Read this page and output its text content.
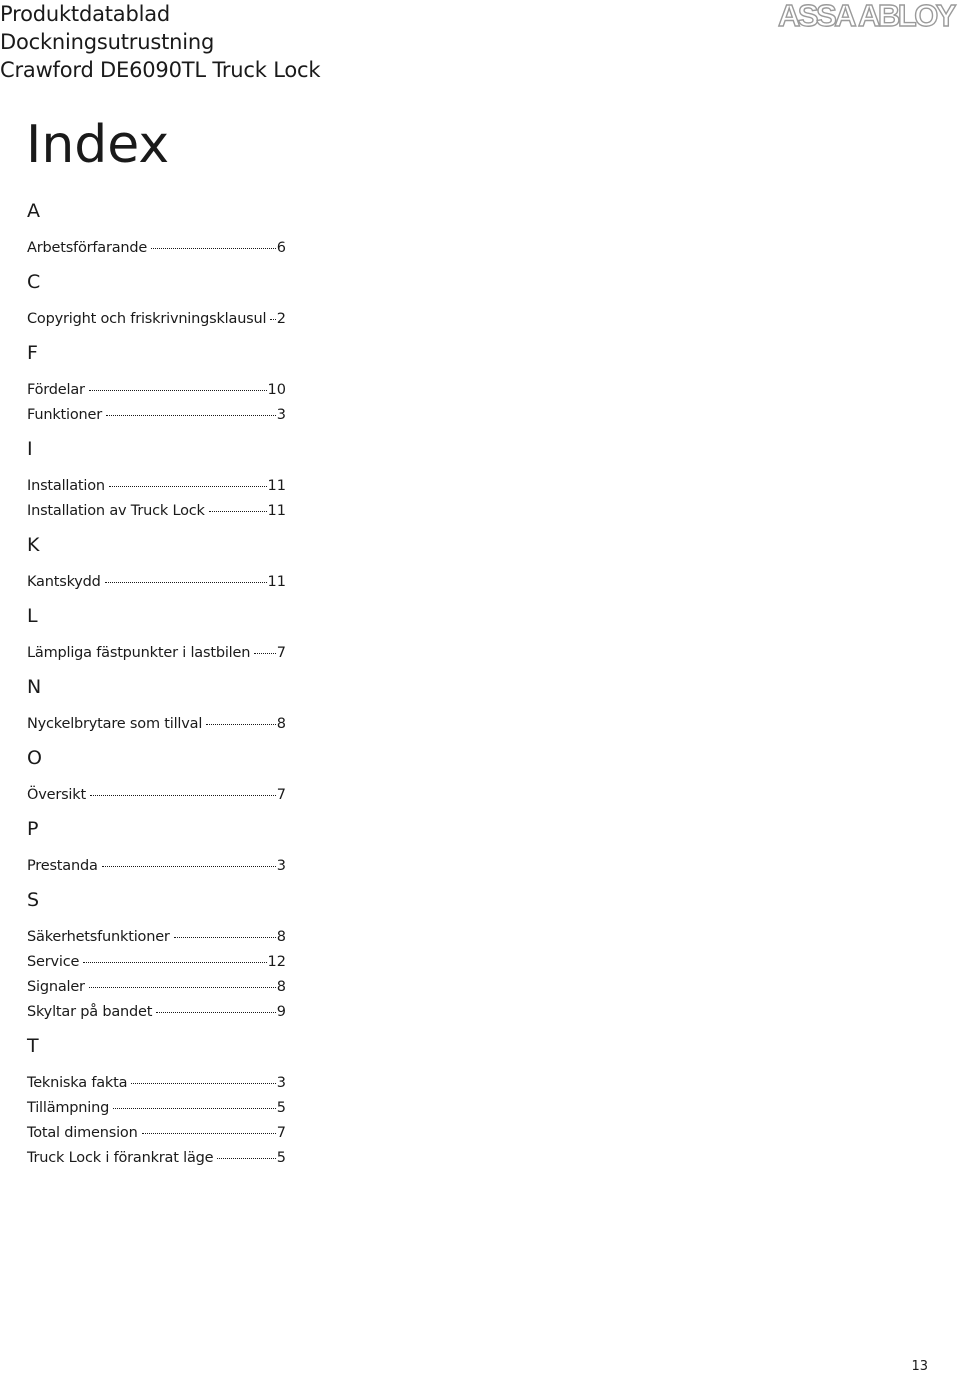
Produktdatablad
Dockningsutrustning
Crawford DE6090TL Truck Lock
ASSA ABLOY
Index
A
Arbetsförfarande	6
C
Copyright och friskrivningsklausul 2
F
Fördelar	10
Funktioner	3
I
Installation	11
Installation av Truck Lock	11
K
Kantskydd	11
L
Lämpliga fästpunkter i lastbilen 7
N
Nyckelbrytare som tillval	8
O
Översikt	7
P
Prestanda	3
S
Säkerhetsfunktioner	8
Service	12
Signaler	8
Skyltar på bandet	9
T
Tekniska fakta	3
Tillämpning	5
Total dimension	7
Truck Lock i förankrat läge	5
13
